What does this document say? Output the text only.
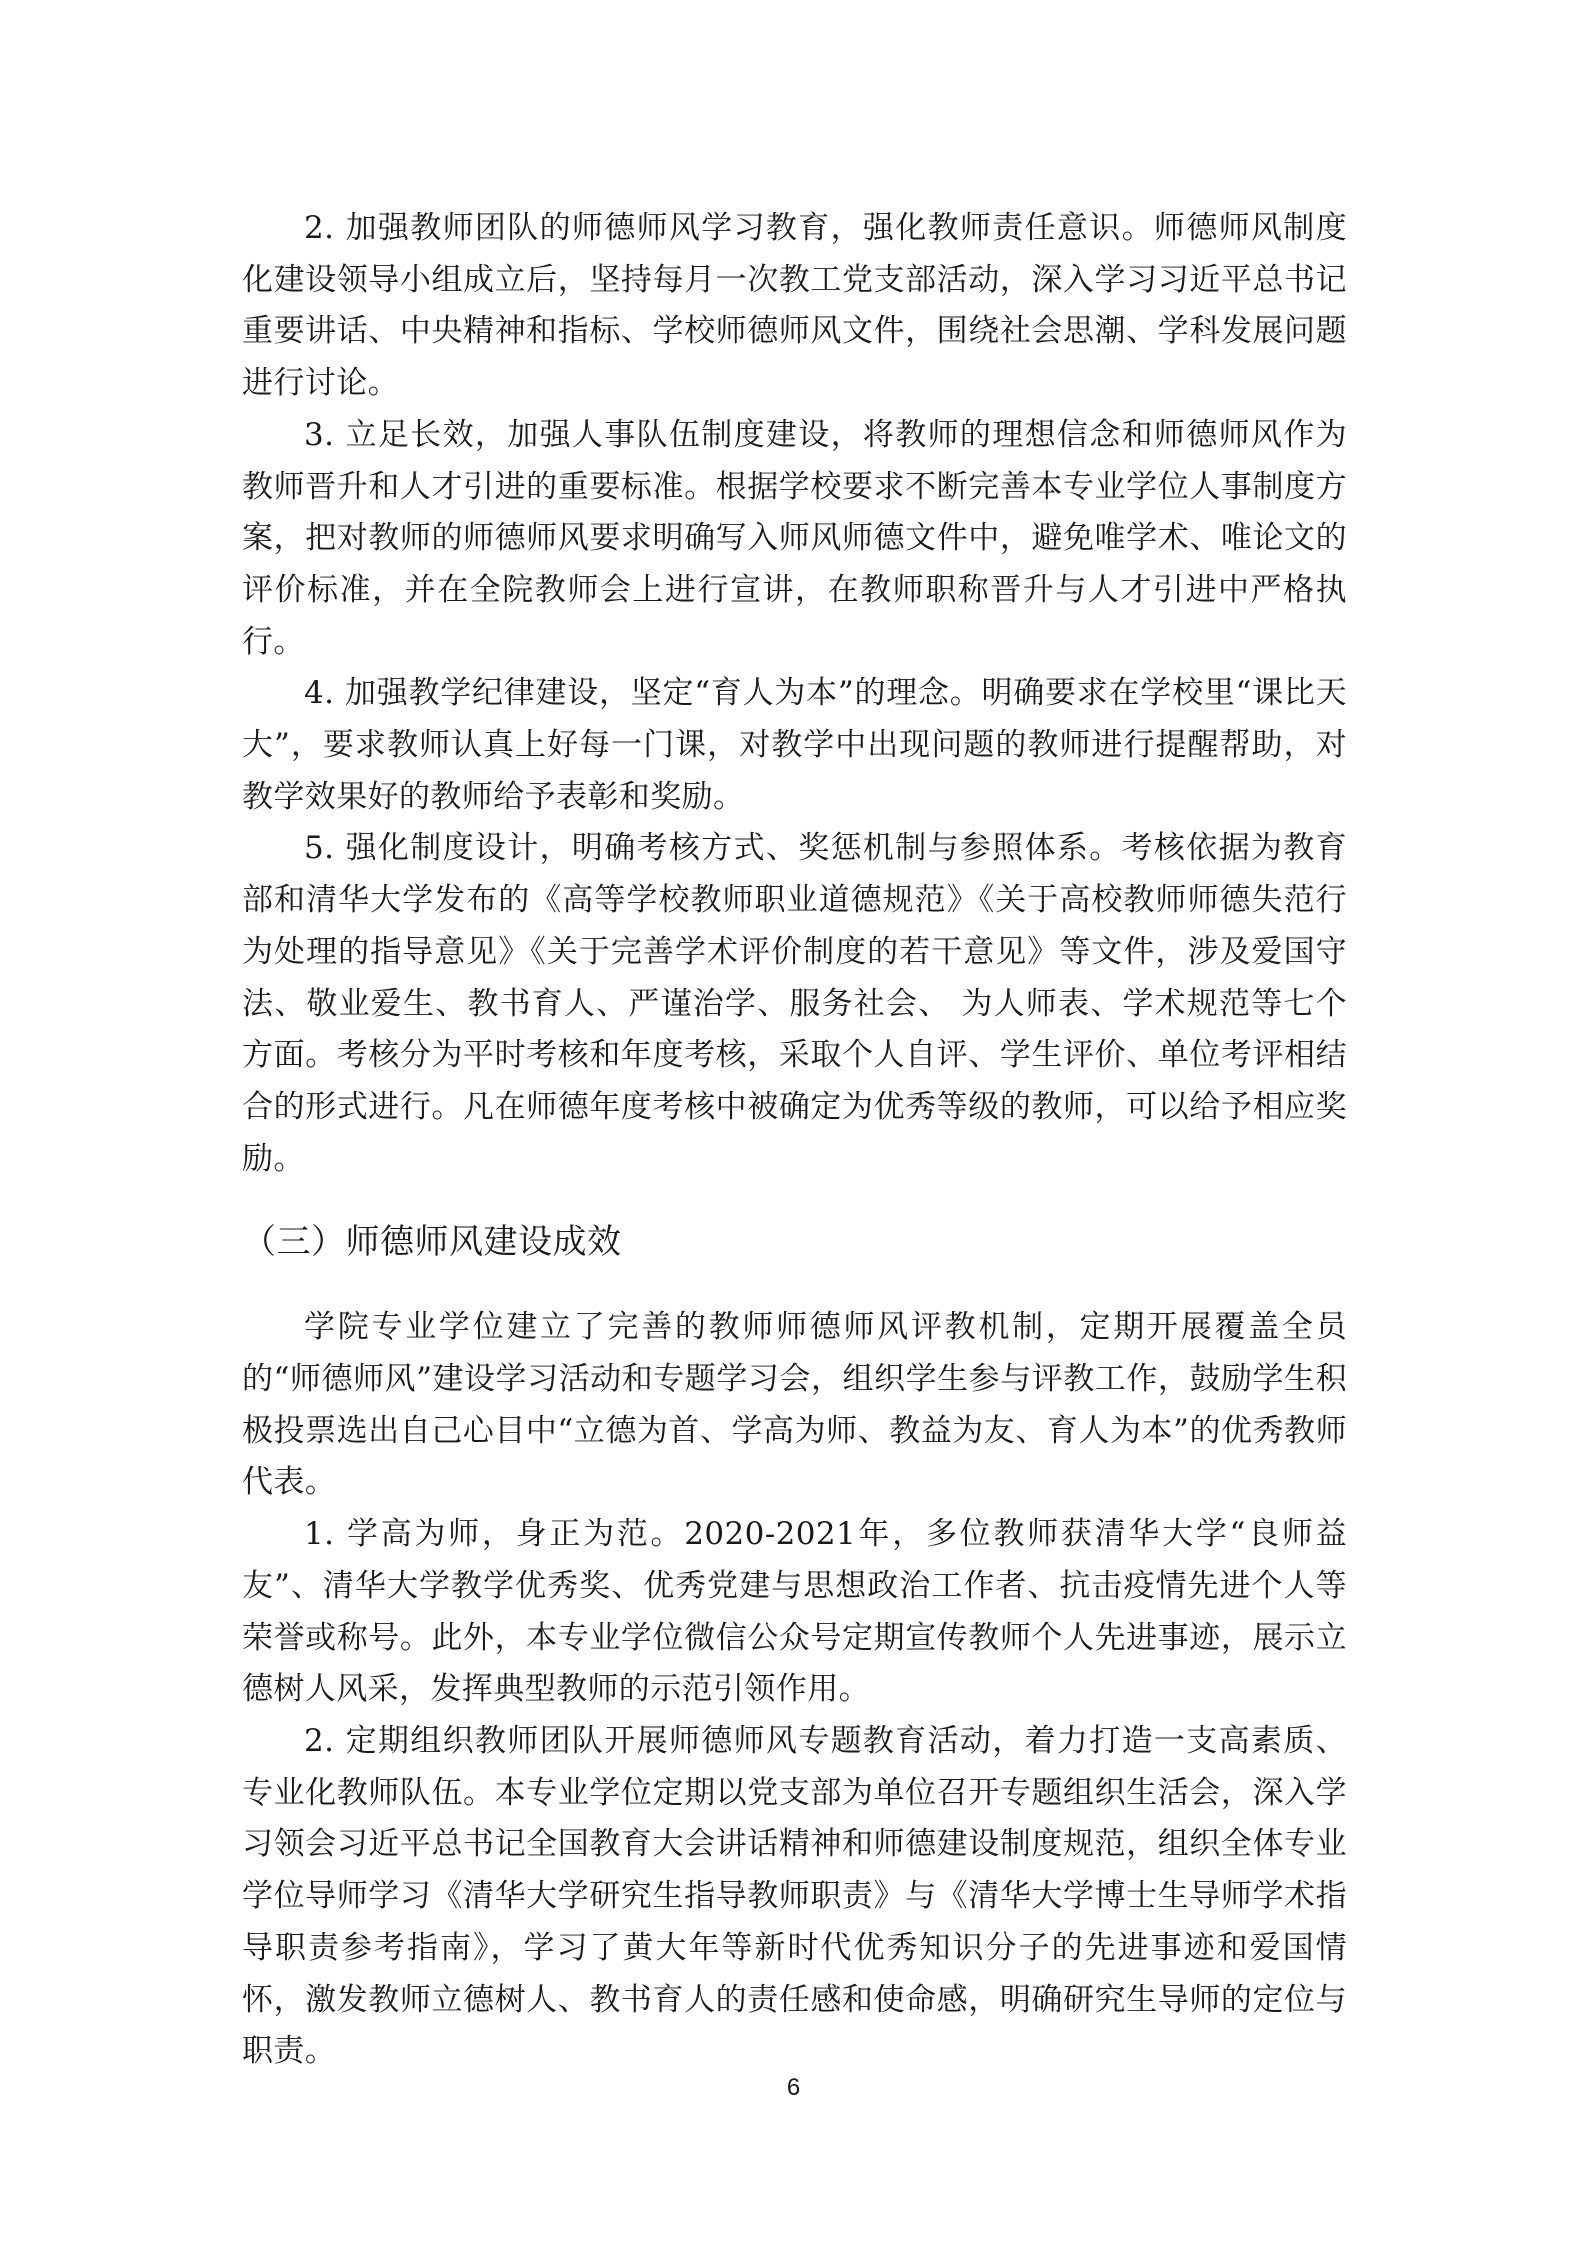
2. 加强教师团队的师德师风学习教育，强化教师责任意识。师德师风制度化建设领导小组成立后，坚持每月一次教工党支部活动，深入学习习近平总书记重要讲话、中央精神和指标、学校师德师风文件，围绕社会思潮、学科发展问题进行讨论。

3. 立足长效，加强人事队伍制度建设，将教师的理想信念和师德师风作为教师晋升和人才引进的重要标准。根据学校要求不断完善本专业学位人事制度方案，把对教师的师德师风要求明确写入师风师德文件中，避免唯学术、唯论文的评价标准，并在全院教师会上进行宣讲，在教师职称晋升与人才引进中严格执行。

4. 加强教学纪律建设，坚定“育人为本”的理念。明确要求在学校里“课比天大”，要求教师认真上好每一门课，对教学中出现问题的教师进行提醒帮助，对教学效果好的教师给予表彰和奖励。

5. 强化制度设计，明确考核方式、奖惩机制与参照体系。考核依据为教育部和清华大学发布的《高等学校教师职业道德规范》《关于高校教师师德失范行为处理的指导意见》《关于完善学术评价制度的若干意见》等文件，涉及爱国守法、敬业爱生、教书育人、严谨治学、服务社会、 为人师表、学术规范等七个方面。考核分为平时考核和年度考核，采取个人自评、学生评价、单位考评相结合的形式进行。凡在师德年度考核中被确定为优秀等级的教师，可以给予相应奖励。

（三）师德师风建设成效

学院专业学位建立了完善的教师师德师风评教机制，定期开展覆盖全员的“师德师风”建设学习活动和专题学习会，组织学生参与评教工作，鼓励学生积极投票选出自己心目中“立德为首、学高为师、教益为友、育人为本”的优秀教师代表。

1. 学高为师，身正为范。2020-2021年，多位教师获清华大学“良师益友”、清华大学教学优秀奖、优秀党建与思想政治工作者、抗击疫情先进个人等荣誉或称号。此外，本专业学位微信公众号定期宣传教师个人先进事迹，展示立德树人风采，发挥典型教师的示范引领作用。

2. 定期组织教师团队开展师德师风专题教育活动，着力打造一支高素质、专业化教师队伍。本专业学位定期以党支部为单位召开专题组织生活会，深入学习领会习近平总书记全国教育大会讲话精神和师德建设制度规范，组织全体专业学位导师学习《清华大学研究生指导教师职责》与《清华大学博士生导师学术指导职责参考指南》，学习了黄大年等新时代优秀知识分子的先进事迹和爱国情怀，激发教师立德树人、教书育人的责任感和使命感，明确研究生导师的定位与职责。

6
